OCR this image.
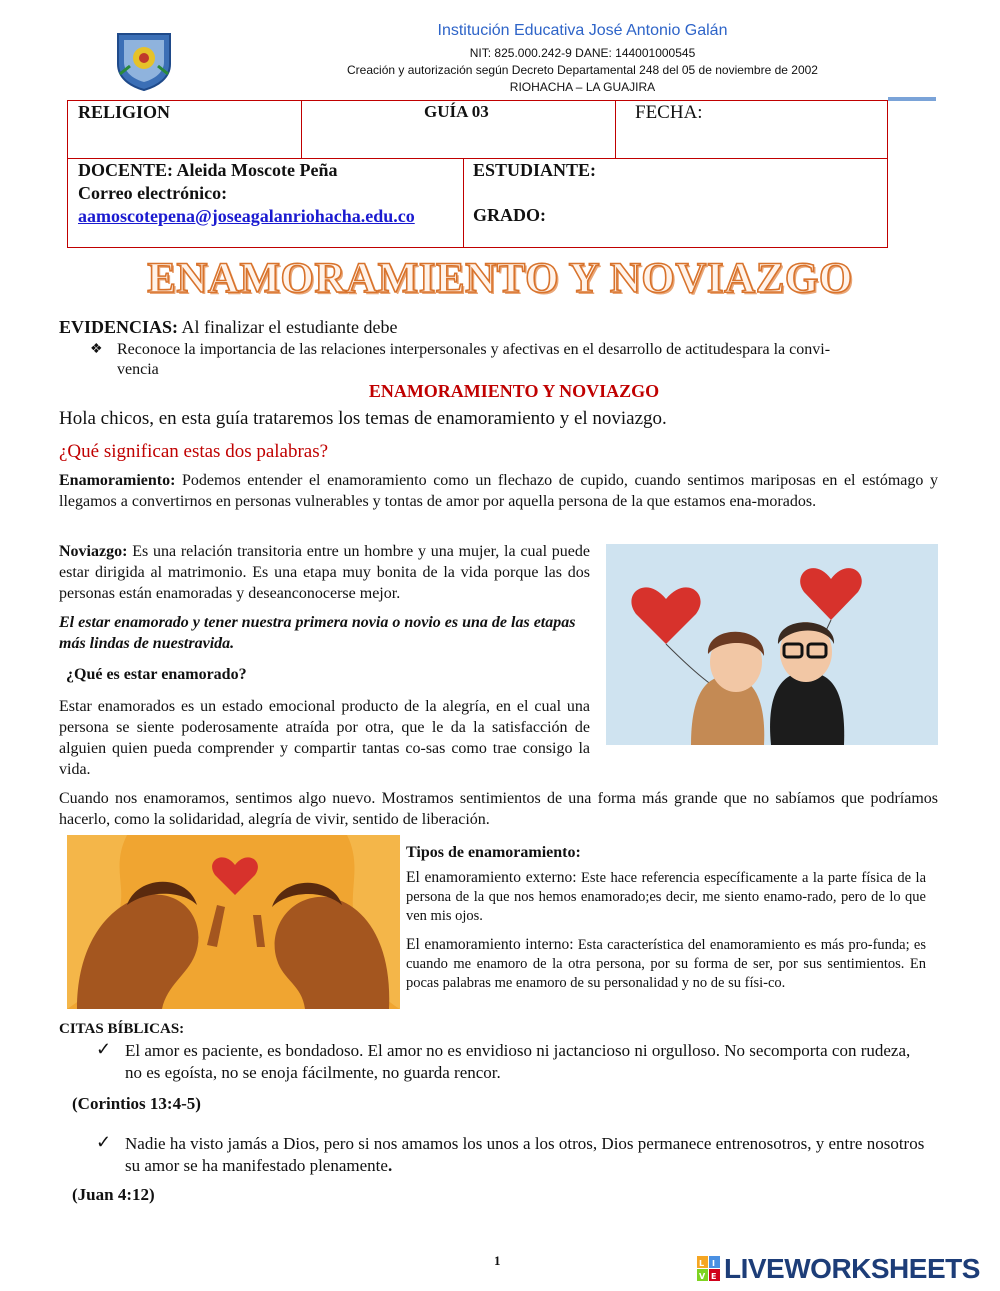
Institución Educativa José Antonio Galán
NIT: 825.000.242-9 DANE: 144001000545
Creación y autorización según Decreto Departamental 248 del 05 de noviembre de 2002
RIOHACHA – LA GUAJIRA
RELIGION	GUÍA 03	FECHA:
DOCENTE: Aleida Moscote Peña
Correo electrónico:
aamoscotepena@joseagalanriohacha.edu.co
ESTUDIANTE:
GRADO:
ENAMORAMIENTO Y NOVIAZGO
EVIDENCIAS: Al finalizar el estudiante debe
❖ Reconoce la importancia de las relaciones interpersonales y afectivas en el desarrollo de actitudespara la convi-
vencia
ENAMORAMIENTO Y NOVIAZGO
Hola chicos, en esta guía trataremos los temas de enamoramiento y el noviazgo.
¿Qué significan estas dos palabras?
Enamoramiento: Podemos entender el enamoramiento como un flechazo de cupido, cuando sentimos mariposas en el estómago y llegamos a convertirnos en personas vulnerables y tontas de amor por aquella persona de la que estamos ena-morados.
Noviazgo: Es una relación transitoria entre un hombre y una mujer, la cual puede estar dirigida al matrimonio. Es una etapa muy bonita de la vida porque las dos personas están enamoradas y deseanconocerse mejor.
El estar enamorado y tener nuestra primera novia o novio es una de las etapas más lindas de nuestravida.
¿Qué es estar enamorado?
Estar enamorados es un estado emocional producto de la alegría, en el cual una persona se siente poderosamente atraída por otra, que le da la satisfacción de alguien quien pueda comprender y compartir tantas co-sas como trae consigo la vida.
Cuando nos enamoramos, sentimos algo nuevo. Mostramos sentimientos de una forma más grande que no sabíamos que podríamos hacerlo, como la solidaridad, alegría de vivir, sentido de liberación.
Tipos de enamoramiento:
El enamoramiento externo: Este hace referencia específicamente a la parte física de la persona de la que nos hemos enamorado;es decir, me siento enamo-rado, pero de lo que ven mis ojos.
El enamoramiento interno: Esta característica del enamoramiento es más pro-funda; es cuando me enamoro de la otra persona, por su forma de ser, por sus sentimientos. En pocas palabras me enamoro de su personalidad y no de su físi-co.
CITAS BÍBLICAS:
✓ El amor es paciente, es bondadoso. El amor no es envidioso ni jactancioso ni orgulloso. No secomporta con rudeza, no es egoísta, no se enoja fácilmente, no guarda rencor.
(Corintios 13:4-5)
✓ Nadie ha visto jamás a Dios, pero si nos amamos los unos a los otros, Dios permanece entrenosotros, y entre nosotros su amor se ha manifestado plenamente.
(Juan 4:12)
1	L I
V E LIVEWORKSHEETS
